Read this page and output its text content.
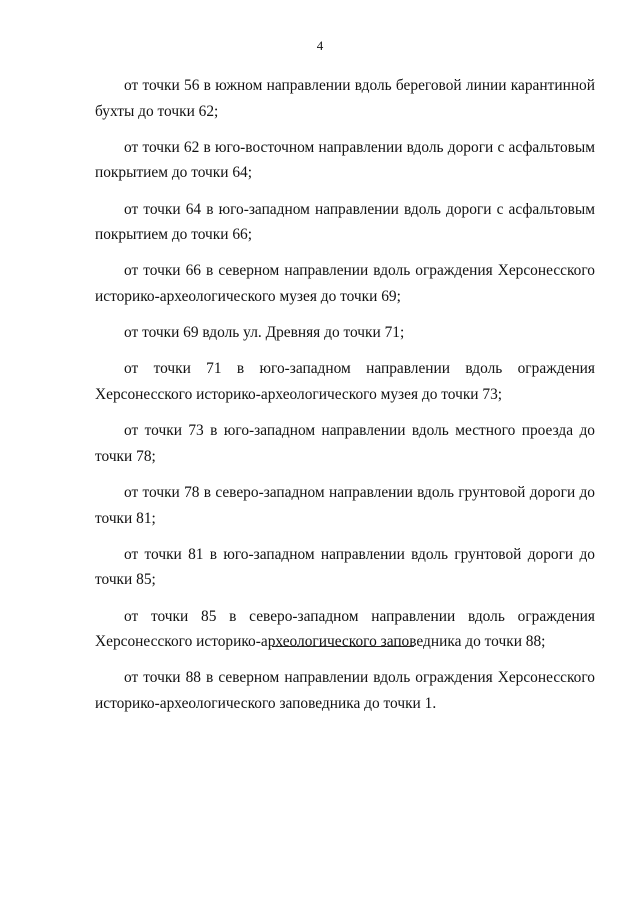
4

от точки 56 в южном направлении вдоль береговой линии карантинной бухты до точки 62;

от точки 62 в юго-восточном направлении вдоль дороги с асфальтовым покрытием до точки 64;

от точки 64 в юго-западном направлении вдоль дороги с асфальтовым покрытием до точки 66;

от точки 66 в северном направлении вдоль ограждения Херсонесского историко-археологического музея до точки 69;

от точки 69 вдоль ул. Древняя до точки 71;

от точки 71 в юго-западном направлении вдоль ограждения Херсонесского историко-археологического музея до точки 73;

от точки 73 в юго-западном направлении вдоль местного проезда до точки 78;

от точки 78 в северо-западном направлении вдоль грунтовой дороги до точки 81;

от точки 81 в юго-западном направлении вдоль грунтовой дороги до точки 85;

от точки 85 в северо-западном направлении вдоль ограждения Херсонесского историко-археологического заповедника до точки 88;

от точки 88 в северном направлении вдоль ограждения Херсонесского историко-археологического заповедника до точки 1.
